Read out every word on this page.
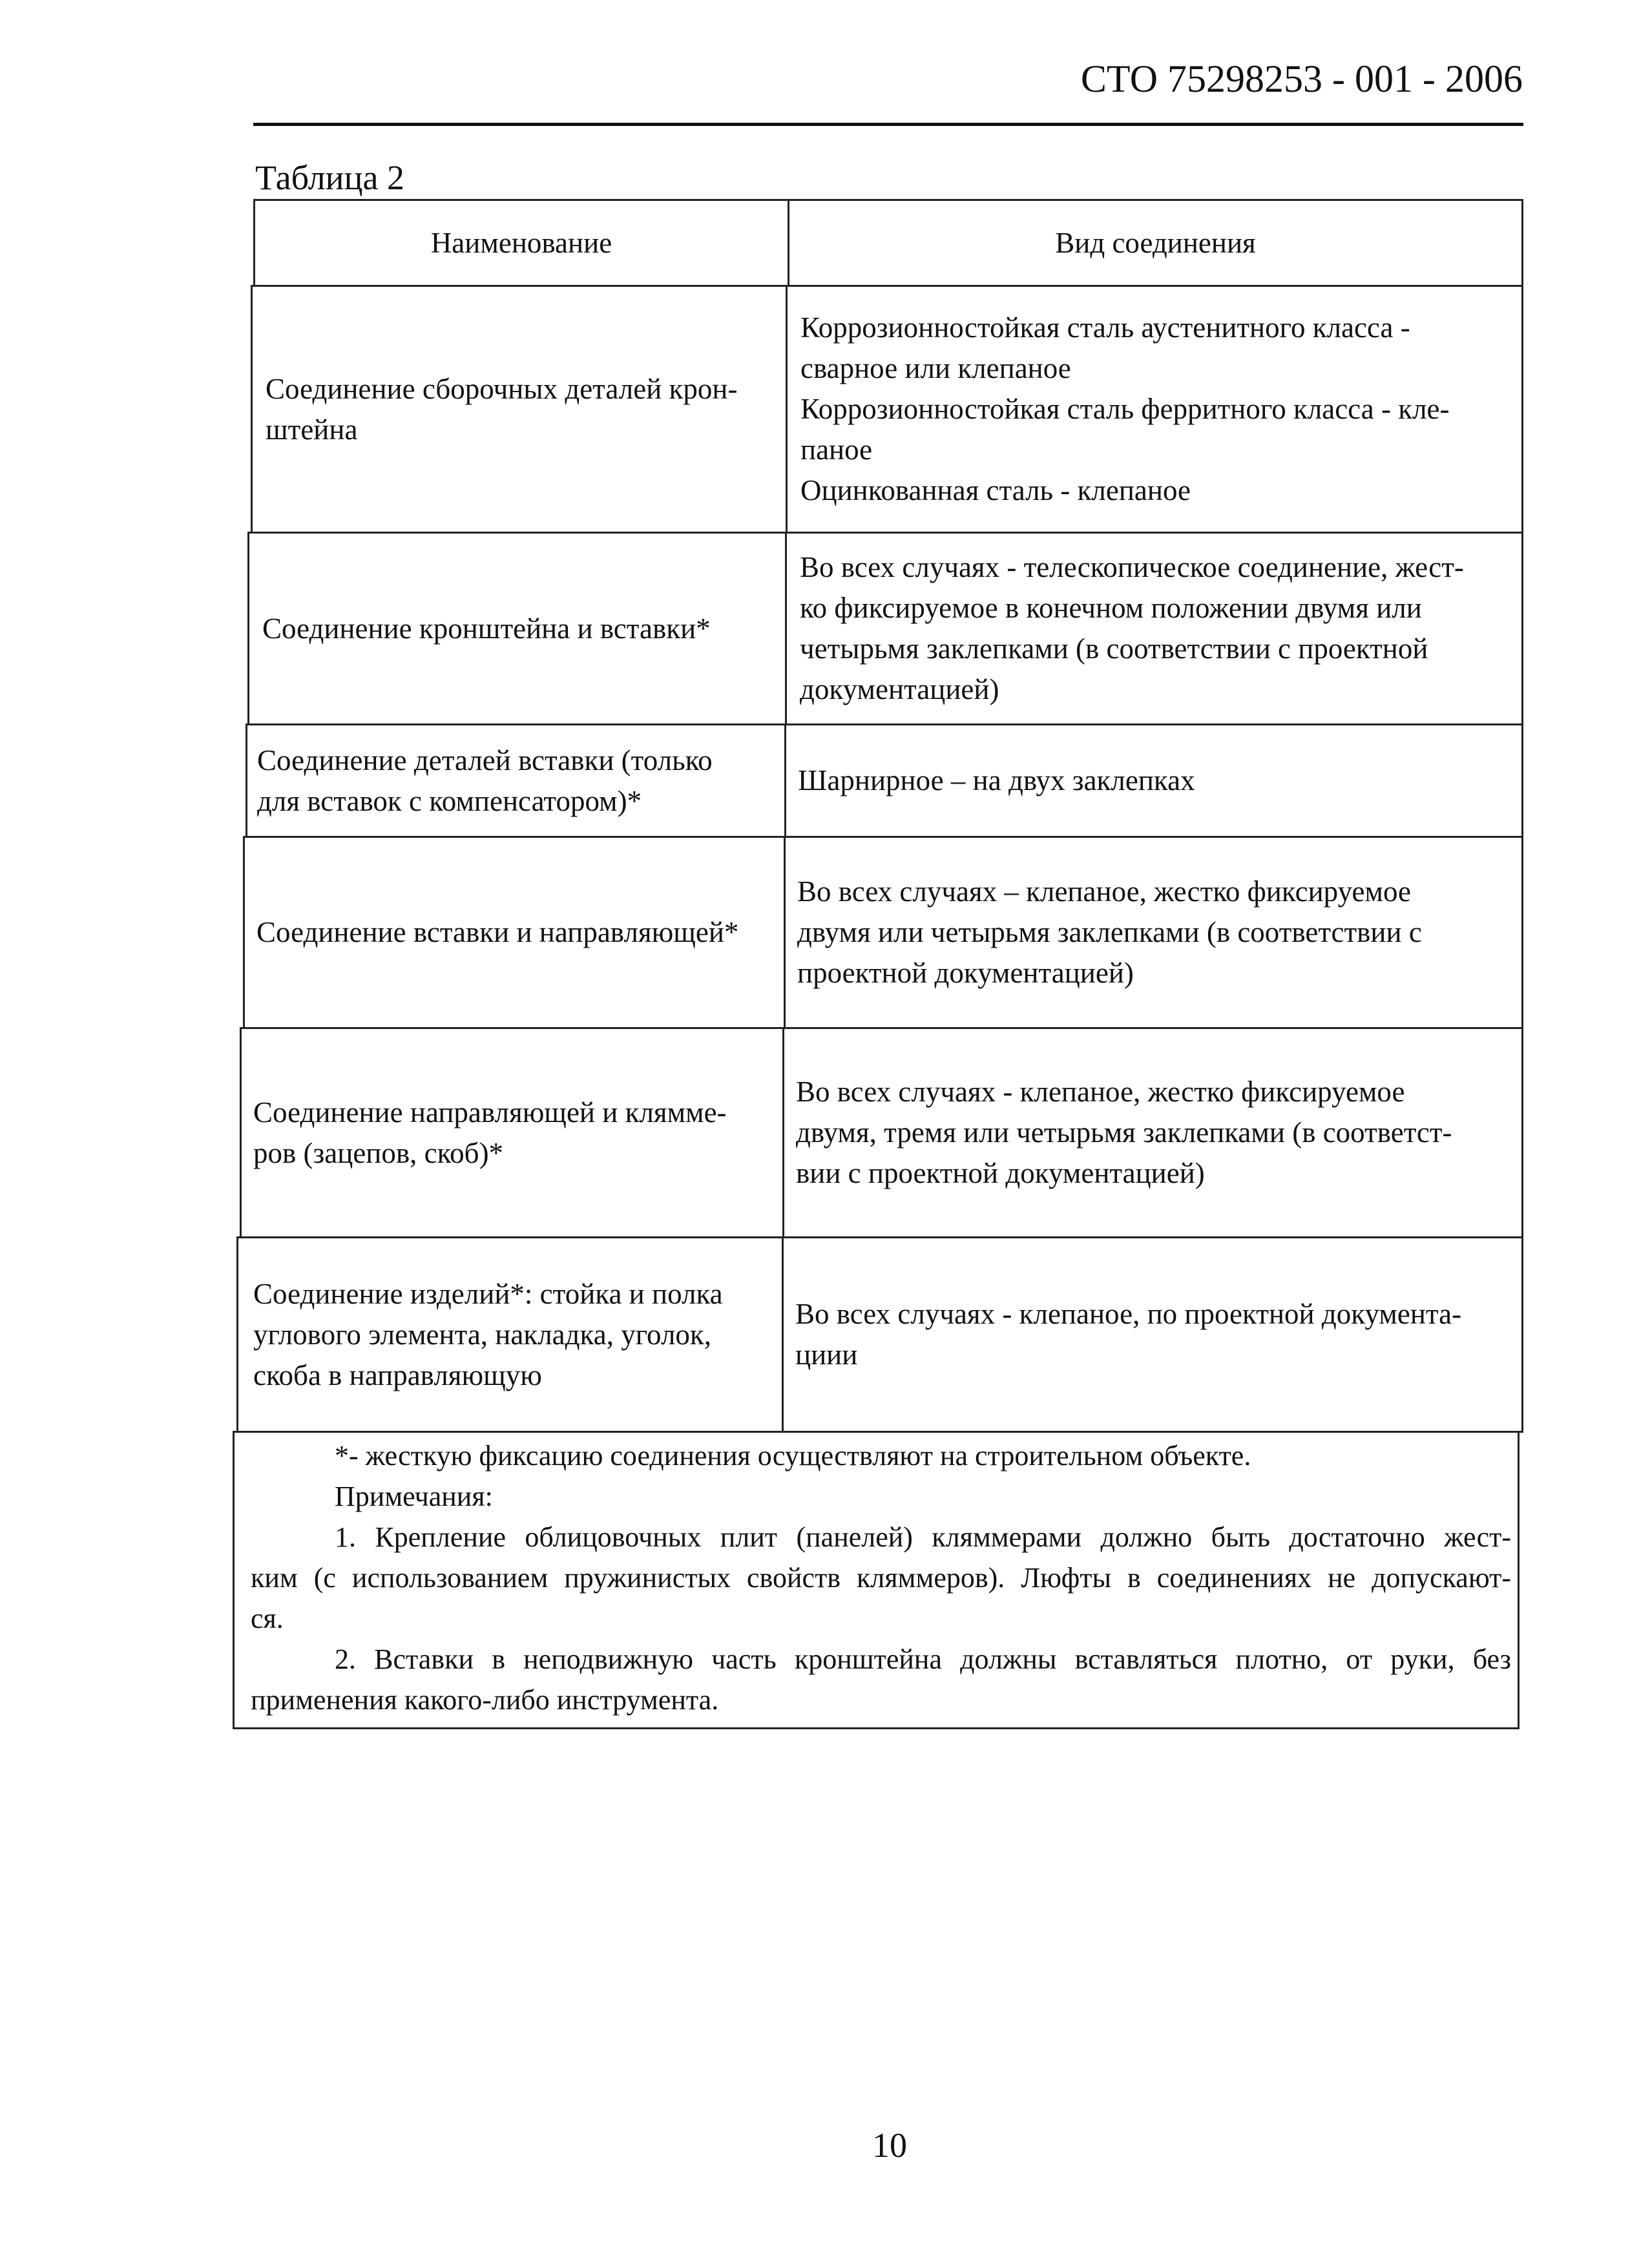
СТО 75298253 - 001 - 2006
Таблица 2
Наименование	Вид соединения
Соединение сборочных деталей крон-
штейна
Коррозионностойкая сталь аустенитного класса -
сварное или клепаное
Коррозионностойкая сталь ферритного класса - кле-
паное
Оцинкованная сталь - клепаное
Соединение кронштейна и вставки*
Во всех случаях - телескопическое соединение, жест-
ко фиксируемое в конечном положении двумя или
четырьмя заклепками (в соответствии с проектной
документацией)
Соединение деталей вставки (только
для вставок с компенсатором)*
Шарнирное – на двух заклепках
Соединение вставки и направляющей*
Во всех случаях – клепаное, жестко фиксируемое
двумя или четырьмя заклепками (в соответствии с
проектной документацией)
Соединение направляющей и кляммe-
ров (зацепов, скоб)*
Во всех случаях - клепаное, жестко фиксируемое
двумя, тремя или четырьмя заклепками (в соответст-
вии с проектной документацией)
Соединение изделий*: стойка и полка
углового элемента, накладка, уголок,
скоба в направляющую
Во всех случаях - клепаное, по проектной документа-
циии
*- жесткую фиксацию соединения осуществляют на строительном объекте.
Примечания:
1. Крепление облицовочных плит (панелей) кляммерами должно быть достаточно жест-
ким (с использованием пружинистых свойств кляммеров). Люфты в соединениях не допускают-
ся.
2. Вставки в неподвижную часть кронштейна должны вставляться плотно, от руки, без
применения какого-либо инструмента.
10
